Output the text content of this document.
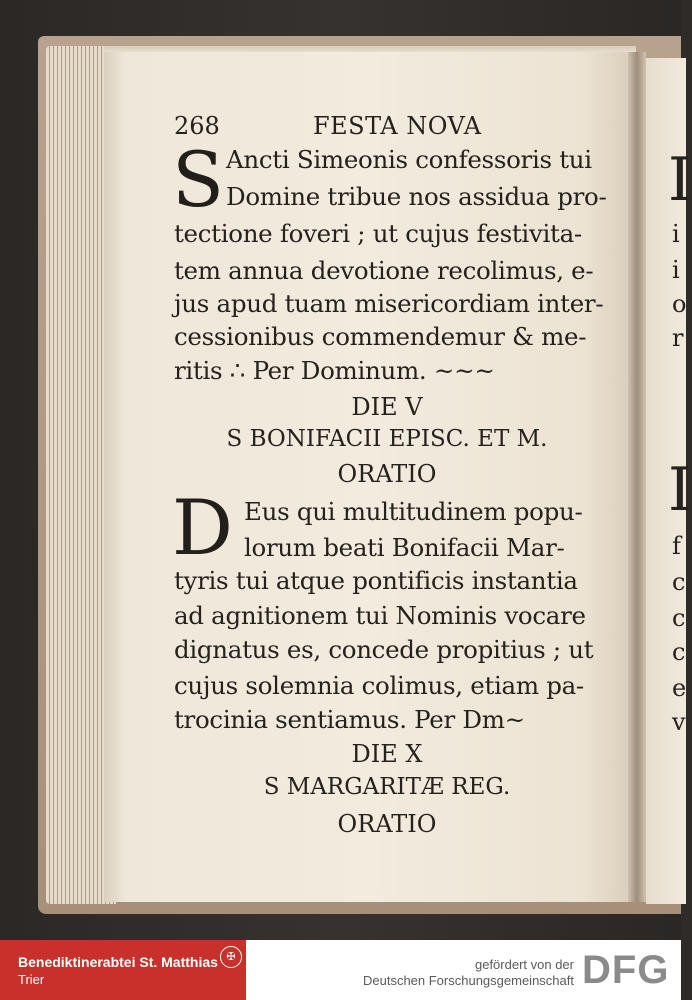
268	FESTA NOVA
S Ancti Simeonis confessoris tui
Domine tribue nos assidua pro-
tectione foveri ; ut cujus festivita-
tem annua devotione recolimus, e-
jus apud tuam misericordiam inter-
cessionibus commendemur & me-
ritis ∴ Per Dominum. ~~~
DIE V
S BONIFACII EPISC. ET M.
ORATIO
D Eus qui multitudinem popu-
lorum beati Bonifacii Mar-
tyris tui atque pontificis instantia
ad agnitionem tui Nominis vocare
dignatus es, concede propitius ; ut
cujus solemnia colimus, etiam pa-
trocinia sentiamus. Per Dm~
DIE X
S MARGARITÆ REG.
ORATIO
I
i
i
o
r
I
f
c
c
c
e
v
Benediktinerabtei St. Matthias
Trier
✠
gefördert von der
Deutschen Forschungsgemeinschaft DFG
